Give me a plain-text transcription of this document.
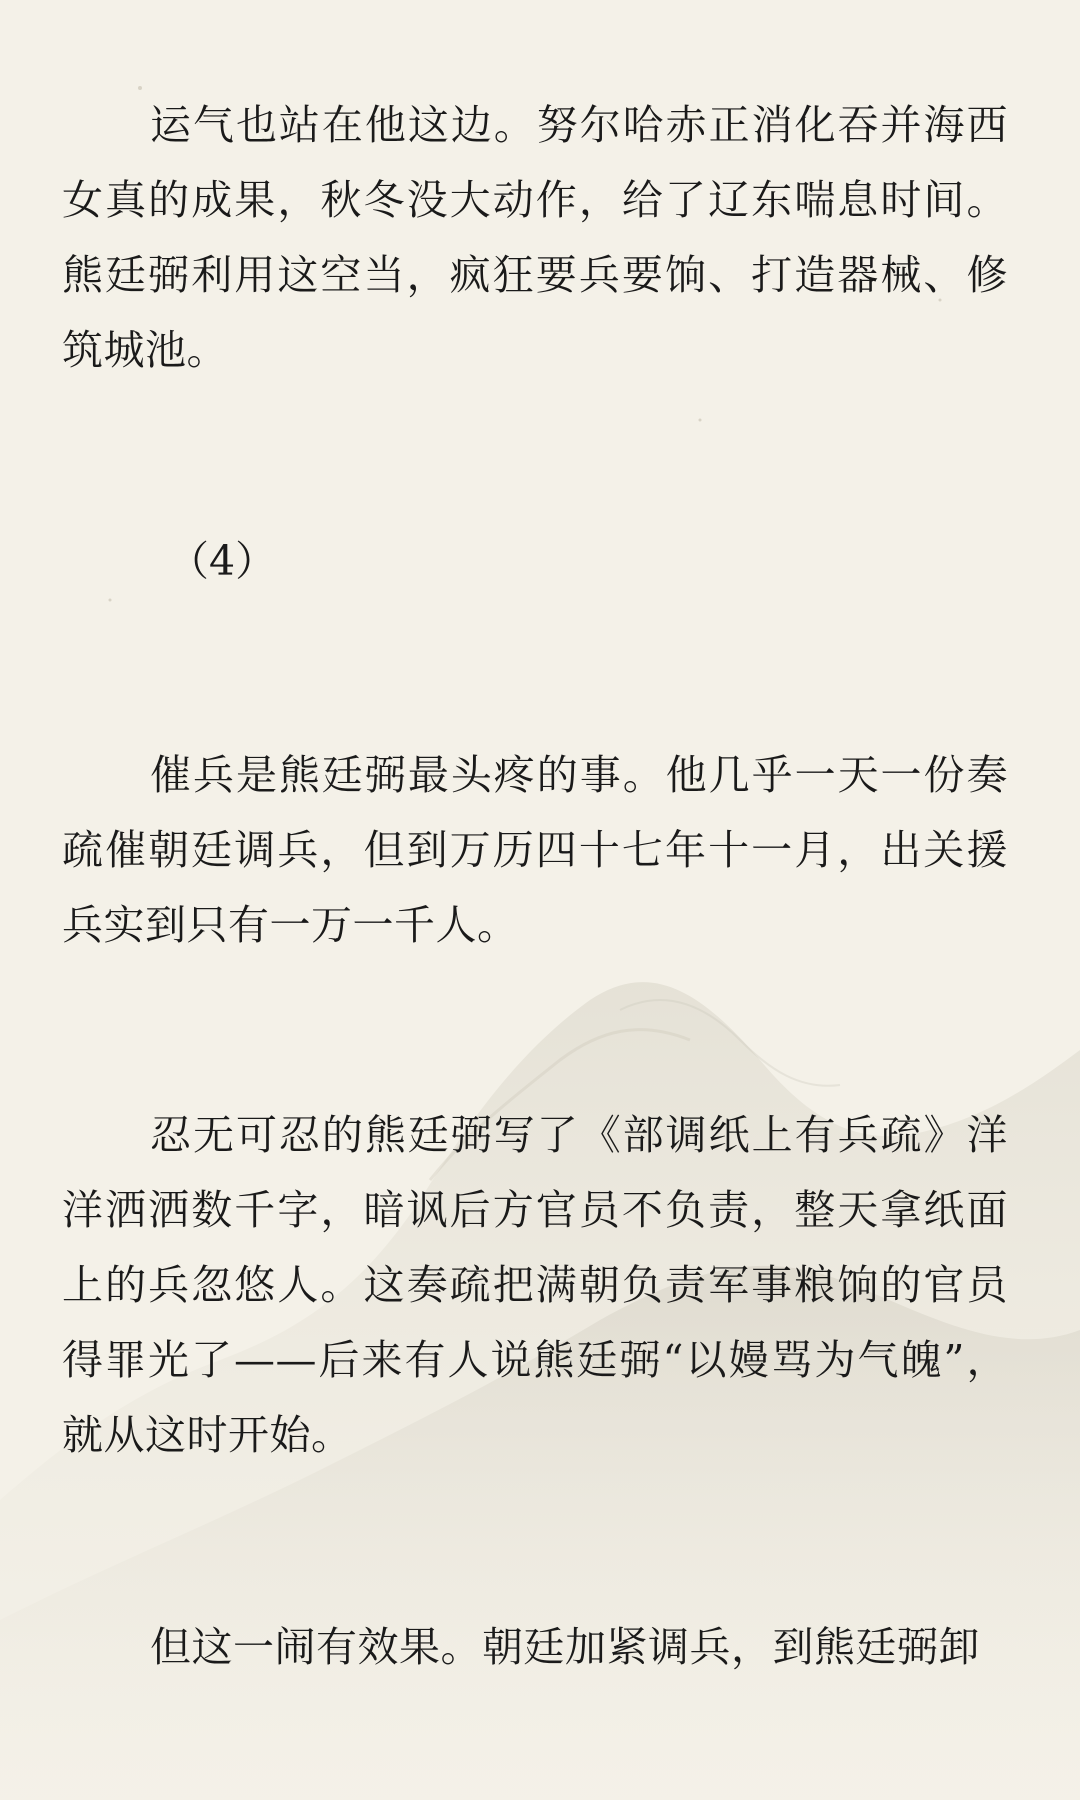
运气也站在他这边。努尔哈赤正消化吞并海西女真的成果，秋冬没大动作，给了辽东喘息时间。熊廷弼利用这空当，疯狂要兵要饷、打造器械、修筑城池。

（4）

催兵是熊廷弼最头疼的事。他几乎一天一份奏疏催朝廷调兵，但到万历四十七年十一月，出关援兵实到只有一万一千人。

忍无可忍的熊廷弼写了《部调纸上有兵疏》洋洋洒洒数千字，暗讽后方官员不负责，整天拿纸面上的兵忽悠人。这奏疏把满朝负责军事粮饷的官员得罪光了——后来有人说熊廷弼“以嫚骂为气魄”，就从这时开始。

但这一闹有效果。朝廷加紧调兵，到熊廷弼卸
